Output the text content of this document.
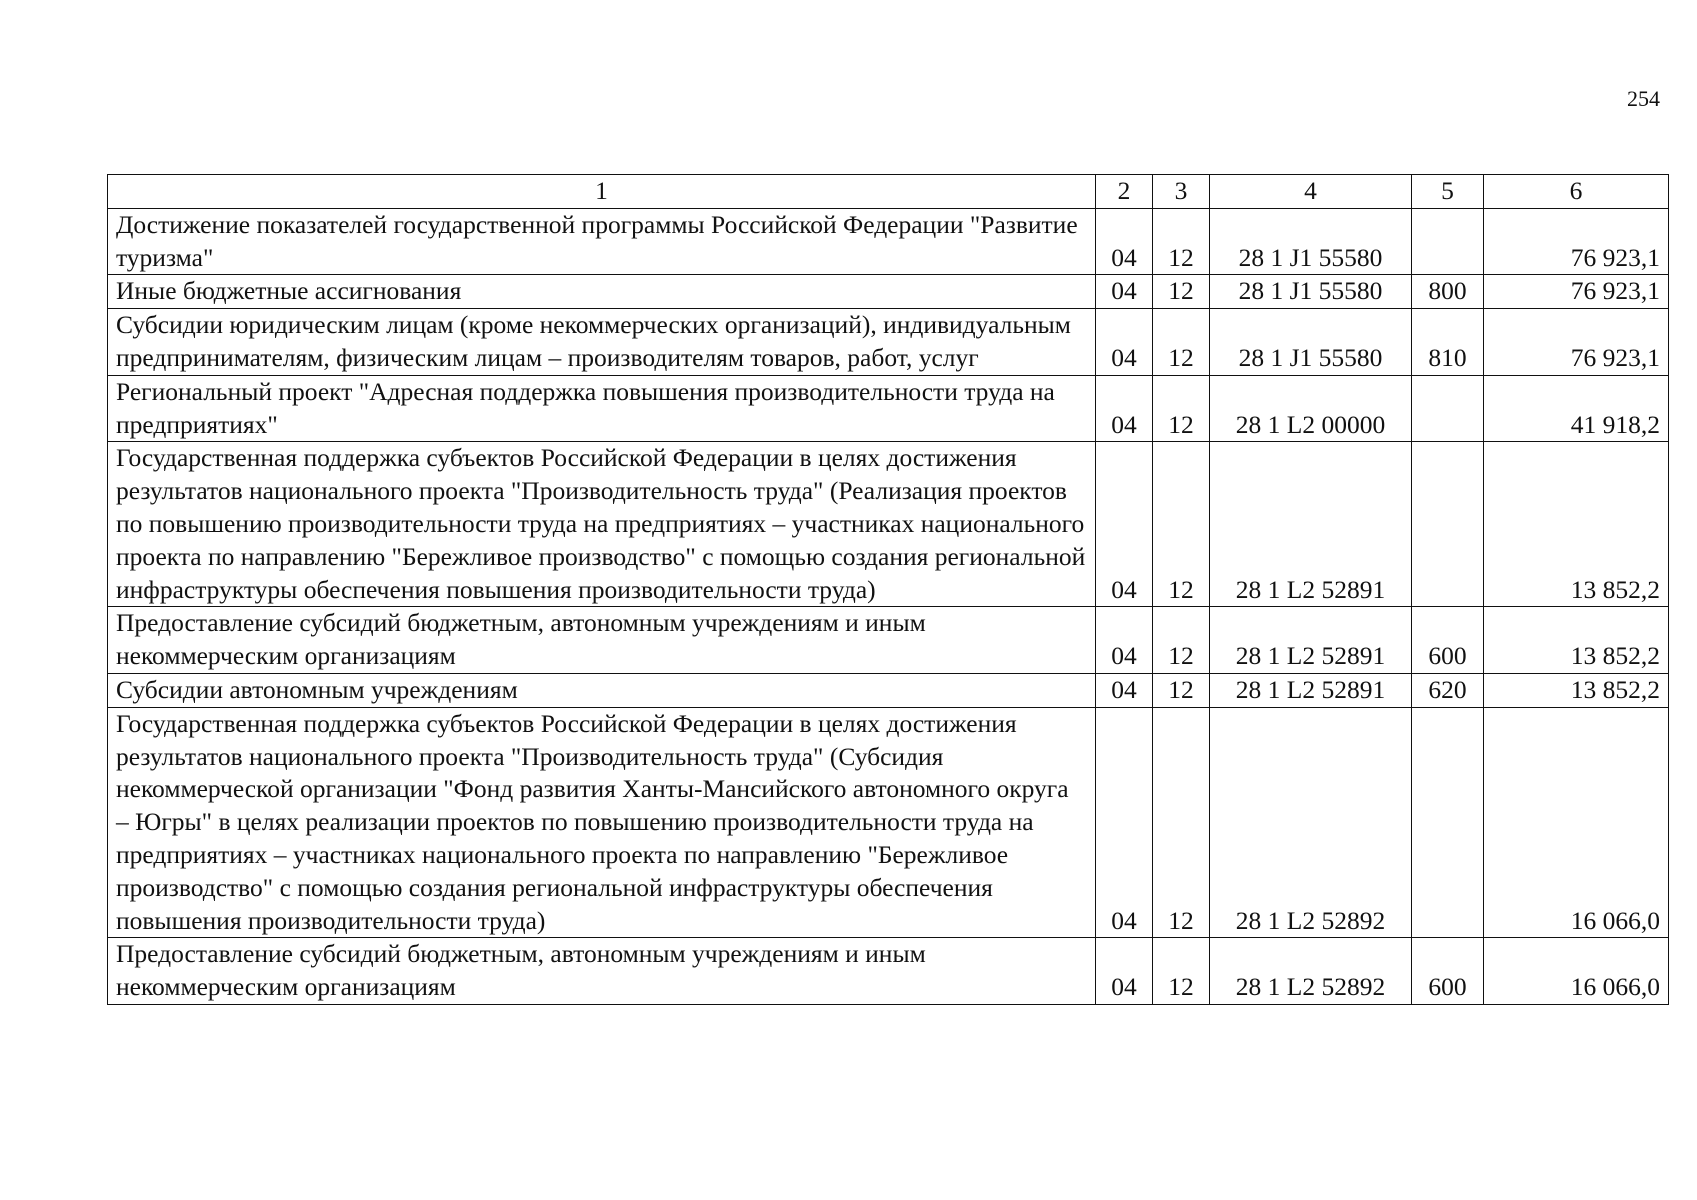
254
1	2	3	4	5	6
Достижение показателей государственной программы Российской Федерации "Развитие туризма"	04	12	28 1 J1 55580		76 923,1
Иные бюджетные ассигнования	04	12	28 1 J1 55580	800	76 923,1
Субсидии юридическим лицам (кроме некоммерческих организаций), индивидуальным предпринимателям, физическим лицам – производителям товаров, работ, услуг	04	12	28 1 J1 55580	810	76 923,1
Региональный проект "Адресная поддержка повышения производительности труда на предприятиях"	04	12	28 1 L2 00000		41 918,2
Государственная поддержка субъектов Российской Федерации в целях достижения результатов национального проекта "Производительность труда" (Реализация проектов по повышению производительности труда на предприятиях – участниках национального проекта по направлению "Бережливое производство" с помощью создания региональной инфраструктуры обеспечения повышения производительности труда)	04	12	28 1 L2 52891		13 852,2
Предоставление субсидий бюджетным, автономным учреждениям и иным некоммерческим организациям	04	12	28 1 L2 52891	600	13 852,2
Субсидии автономным учреждениям	04	12	28 1 L2 52891	620	13 852,2
Государственная поддержка субъектов Российской Федерации в целях достижения результатов национального проекта "Производительность труда" (Субсидия некоммерческой организации "Фонд развития Ханты-Мансийского автономного округа – Югры" в целях реализации проектов по повышению производительности труда на предприятиях – участниках национального проекта по направлению "Бережливое производство" с помощью создания региональной инфраструктуры обеспечения повышения производительности труда)	04	12	28 1 L2 52892		16 066,0
Предоставление субсидий бюджетным, автономным учреждениям и иным некоммерческим организациям	04	12	28 1 L2 52892	600	16 066,0
